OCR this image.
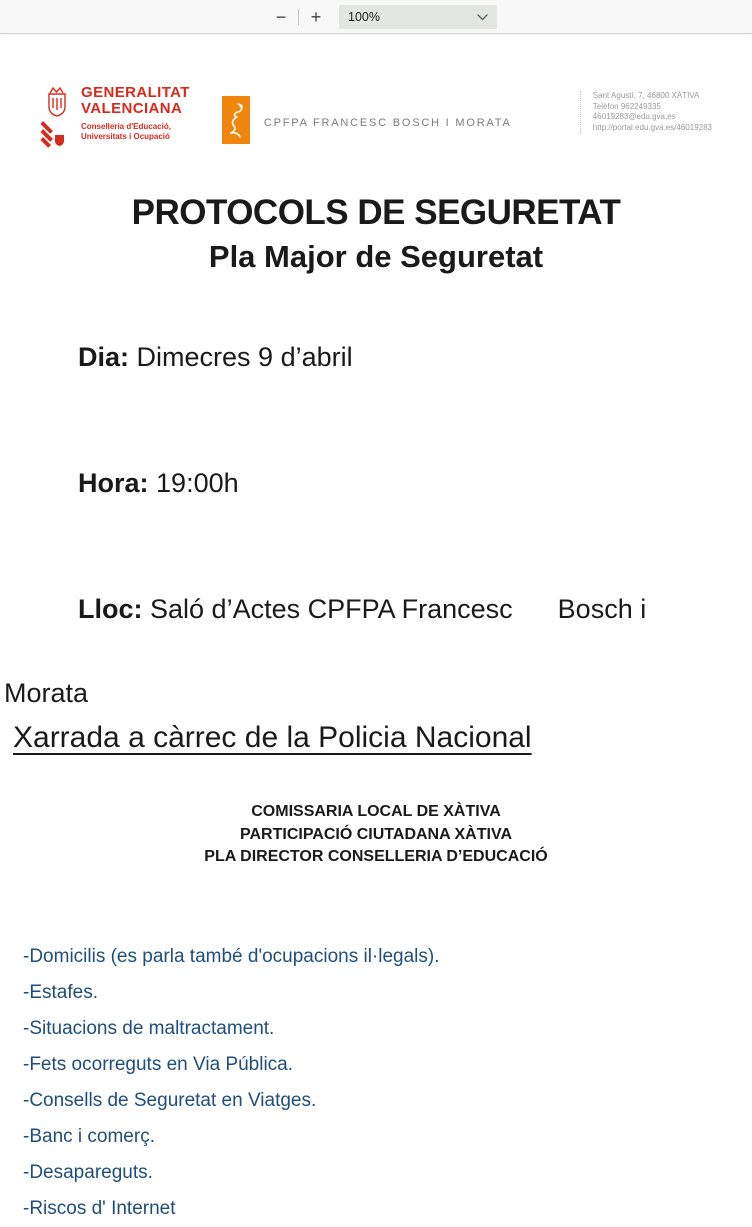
−	+	100%
GENERALITAT
VALENCIANA
Conselleria d'Educació,
Universitats i Ocupació
CPFPA FRANCESC BOSCH I MORATA
Sant Agustí, 7, 46800 XÀTIVA
Telèfon 962249335
46019283@edu.gva.es
http://portal.edu.gva.es/46019283
PROTOCOLS DE SEGURETAT
Pla Major de Seguretat

Dia: Dimecres 9 d’abril

Hora: 19:00h

Lloc: Saló d’Actes CPFPA Francesc      Bosch i

Morata
Xarrada a càrrec de la Policia Nacional
COMISSARIA LOCAL DE XÀTIVA
PARTICIPACIÓ CIUTADANA XÀTIVA
PLA DIRECTOR CONSELLERIA D’EDUCACIÓ
-Domicilis (es parla també d'ocupacions il·legals).
-Estafes.
-Situacions de maltractament.
-Fets ocorreguts en Via Pública.
-Consells de Seguretat en Viatges.
-Banc i comerç.
-Desapareguts.
-Riscos d' Internet
